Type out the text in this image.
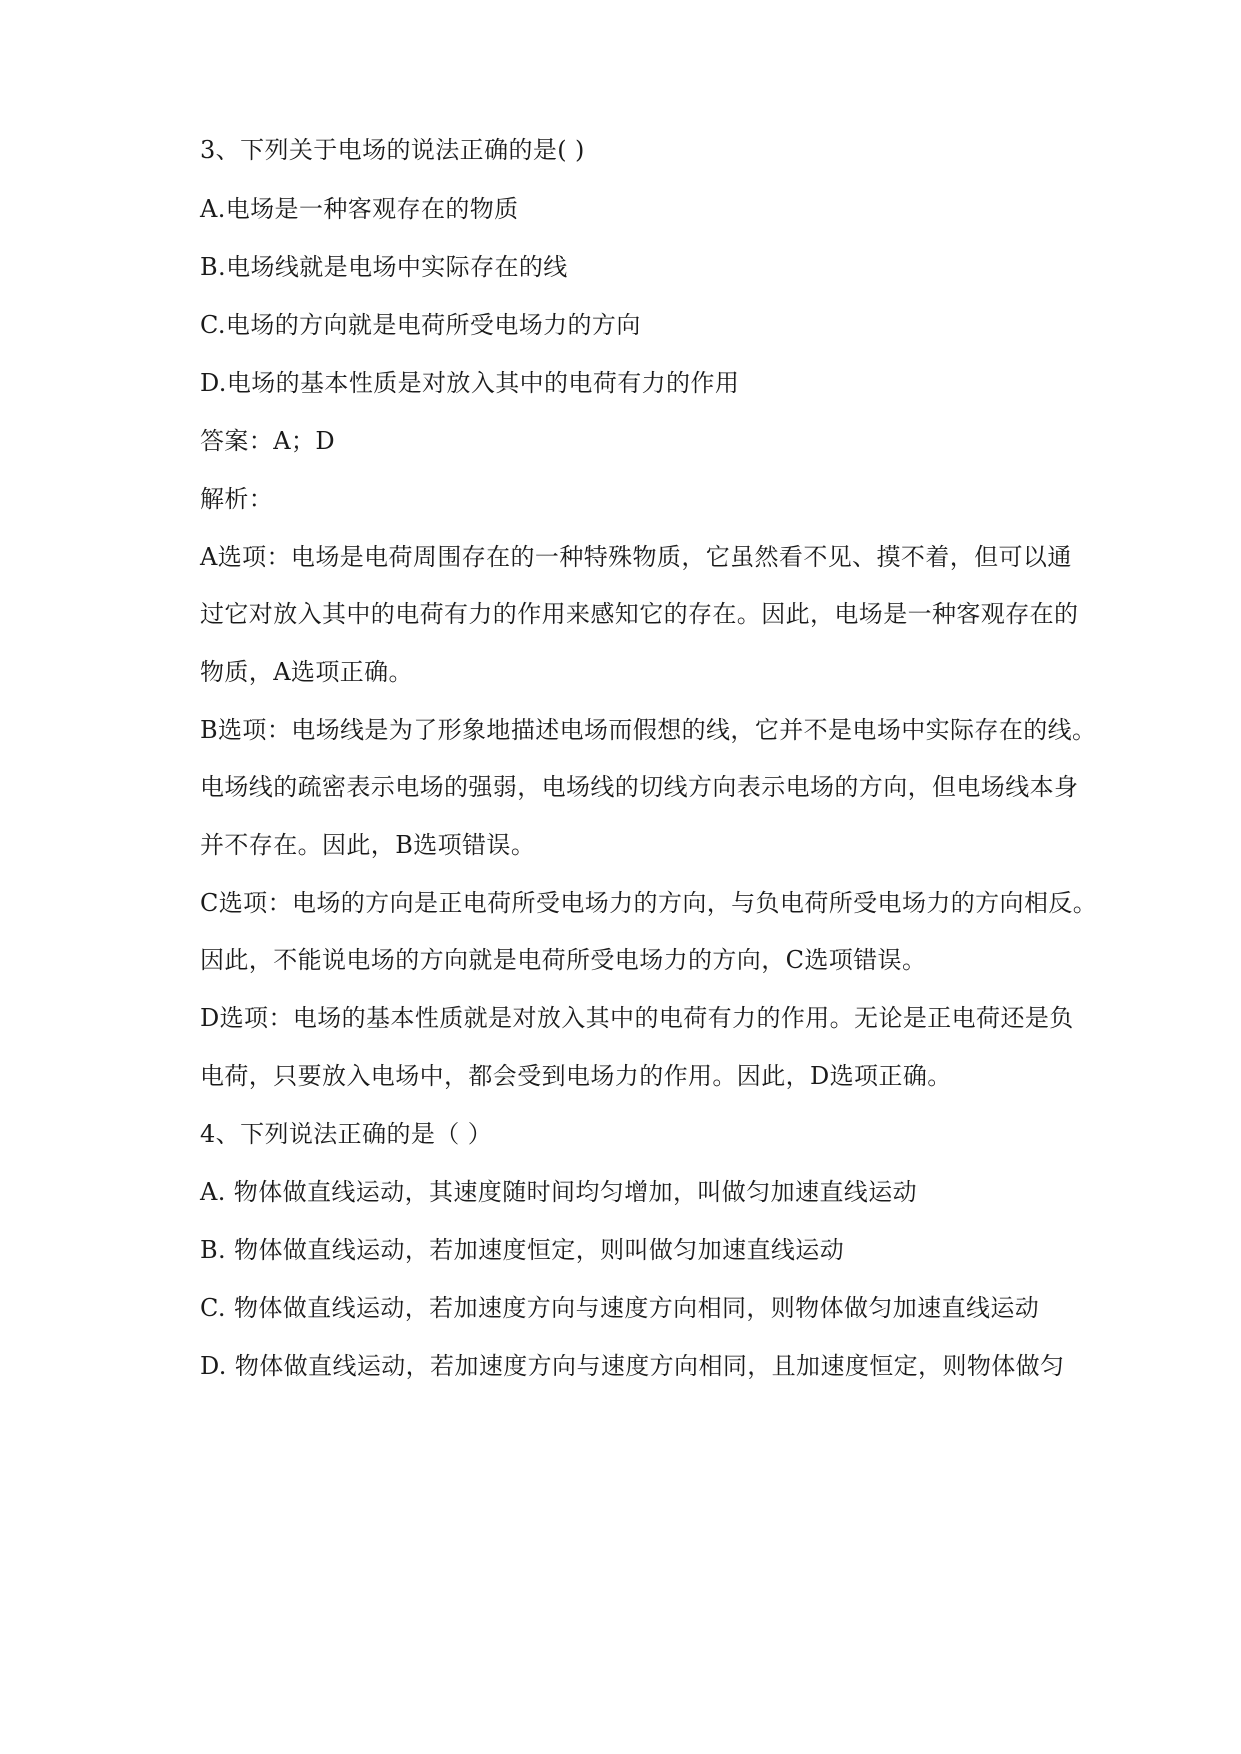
3、下列关于电场的说法正确的是( )
A.电场是一种客观存在的物质
B.电场线就是电场中实际存在的线
C.电场的方向就是电荷所受电场力的方向
D.电场的基本性质是对放入其中的电荷有力的作用
答案：A；D
解析：
A选项：电场是电荷周围存在的一种特殊物质，它虽然看不见、摸不着，但可以通
过它对放入其中的电荷有力的作用来感知它的存在。因此，电场是一种客观存在的
物质，A选项正确。
B选项：电场线是为了形象地描述电场而假想的线，它并不是电场中实际存在的线。
电场线的疏密表示电场的强弱，电场线的切线方向表示电场的方向，但电场线本身
并不存在。因此，B选项错误。
C选项：电场的方向是正电荷所受电场力的方向，与负电荷所受电场力的方向相反。
因此，不能说电场的方向就是电荷所受电场力的方向，C选项错误。
D选项：电场的基本性质就是对放入其中的电荷有力的作用。无论是正电荷还是负
电荷，只要放入电场中，都会受到电场力的作用。因此，D选项正确。
4、下列说法正确的是（ ）
A. 物体做直线运动，其速度随时间均匀增加，叫做匀加速直线运动
B. 物体做直线运动，若加速度恒定，则叫做匀加速直线运动
C. 物体做直线运动，若加速度方向与速度方向相同，则物体做匀加速直线运动
D. 物体做直线运动，若加速度方向与速度方向相同，且加速度恒定，则物体做匀
